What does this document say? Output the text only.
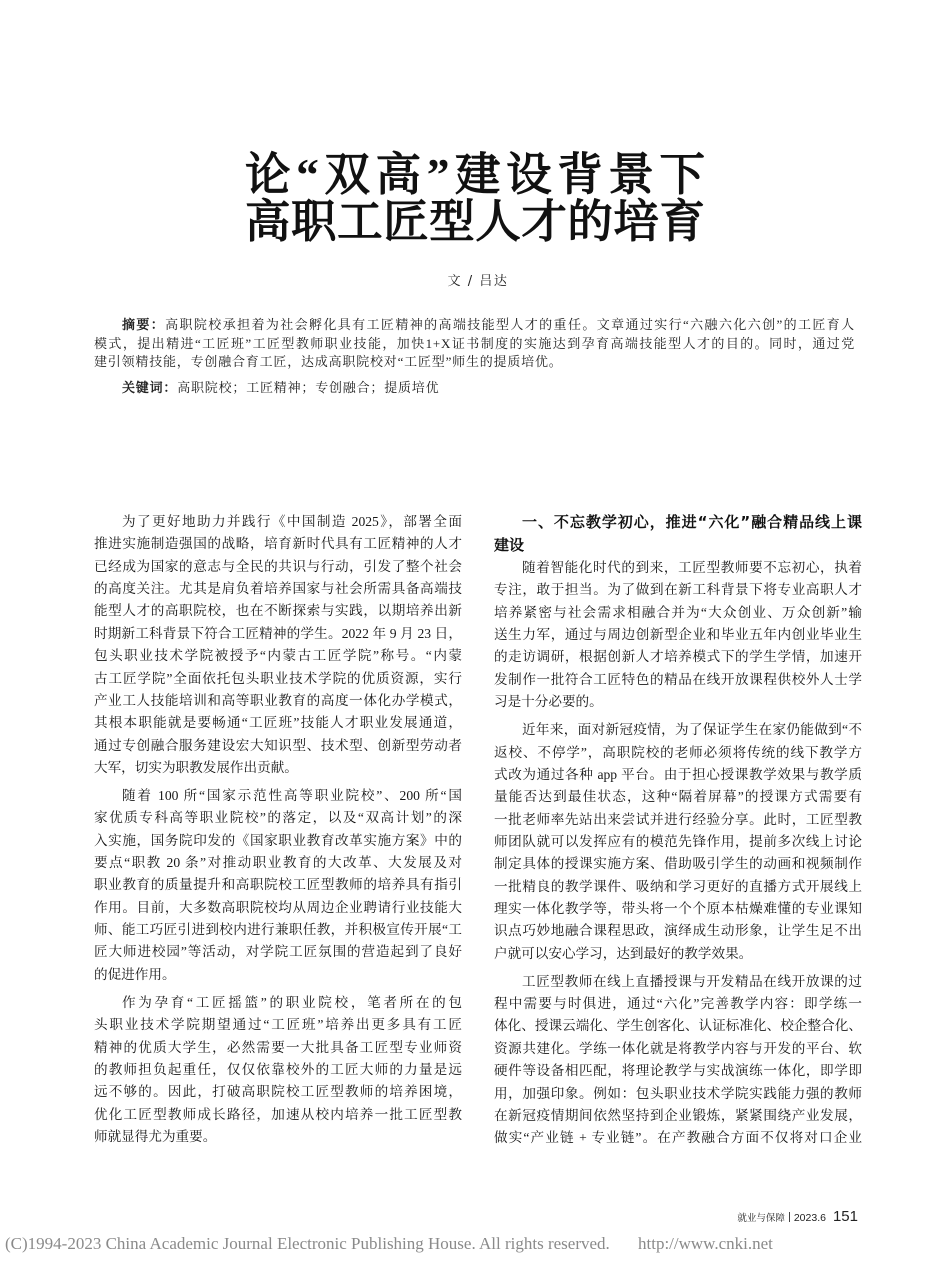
论“双高”建设背景下
高职工匠型人才的培育
文 / 吕达
摘要：高职院校承担着为社会孵化具有工匠精神的高端技能型人才的重任。文章通过实行“六融六化六创”的工匠育人
模式，提出精进“工匠班”工匠型教师职业技能，加快1+X证书制度的实施达到孕育高端技能型人才的目的。同时，通过党
建引领精技能，专创融合育工匠，达成高职院校对“工匠型”师生的提质培优。
关键词：高职院校；工匠精神；专创融合；提质培优
为了更好地助力并践行《中国制造 2025》，部署全面
推进实施制造强国的战略，培育新时代具有工匠精神的人才
已经成为国家的意志与全民的共识与行动，引发了整个社会
的高度关注。尤其是肩负着培养国家与社会所需具备高端技
能型人才的高职院校，也在不断探索与实践，以期培养出新
时期新工科背景下符合工匠精神的学生。2022 年 9 月 23 日，
包头职业技术学院被授予“内蒙古工匠学院”称号。“内蒙
古工匠学院”全面依托包头职业技术学院的优质资源，实行
产业工人技能培训和高等职业教育的高度一体化办学模式，
其根本职能就是要畅通“工匠班”技能人才职业发展通道，
通过专创融合服务建设宏大知识型、技术型、创新型劳动者
大军，切实为职教发展作出贡献。
随着 100 所“国家示范性高等职业院校”、200 所“国
家优质专科高等职业院校”的落定，以及“双高计划”的深
入实施，国务院印发的《国家职业教育改革实施方案》中的
要点“职教 20 条”对推动职业教育的大改革、大发展及对
职业教育的质量提升和高职院校工匠型教师的培养具有指引
作用。目前，大多数高职院校均从周边企业聘请行业技能大
师、能工巧匠引进到校内进行兼职任教，并积极宣传开展“工
匠大师进校园”等活动，对学院工匠氛围的营造起到了良好
的促进作用。
作为孕育“工匠摇篮”的职业院校，笔者所在的包
头职业技术学院期望通过“工匠班”培养出更多具有工匠
精神的优质大学生，必然需要一大批具备工匠型专业师资
的教师担负起重任，仅仅依靠校外的工匠大师的力量是远
远不够的。因此，打破高职院校工匠型教师的培养困境，
优化工匠型教师成长路径，加速从校内培养一批工匠型教
师就显得尤为重要。
一、不忘教学初心，推进“六化”融合精品线上课
建设
随着智能化时代的到来，工匠型教师要不忘初心，执着
专注，敢于担当。为了做到在新工科背景下将专业高职人才
培养紧密与社会需求相融合并为“大众创业、万众创新”输
送生力军，通过与周边创新型企业和毕业五年内创业毕业生
的走访调研，根据创新人才培养模式下的学生学情，加速开
发制作一批符合工匠特色的精品在线开放课程供校外人士学
习是十分必要的。
近年来，面对新冠疫情，为了保证学生在家仍能做到“不
返校、不停学”，高职院校的老师必须将传统的线下教学方
式改为通过各种 app 平台。由于担心授课教学效果与教学质
量能否达到最佳状态，这种“隔着屏幕”的授课方式需要有
一批老师率先站出来尝试并进行经验分享。此时，工匠型教
师团队就可以发挥应有的模范先锋作用，提前多次线上讨论
制定具体的授课实施方案、借助吸引学生的动画和视频制作
一批精良的教学课件、吸纳和学习更好的直播方式开展线上
理实一体化教学等，带头将一个个原本枯燥难懂的专业课知
识点巧妙地融合课程思政，演绎成生动形象，让学生足不出
户就可以安心学习，达到最好的教学效果。
工匠型教师在线上直播授课与开发精品在线开放课的过
程中需要与时俱进，通过“六化”完善教学内容：即学练一
体化、授课云端化、学生创客化、认证标准化、校企整合化、
资源共建化。学练一体化就是将教学内容与开发的平台、软
硬件等设备相匹配，将理论教学与实战演练一体化，即学即
用，加强印象。例如：包头职业技术学院实践能力强的教师
在新冠疫情期间依然坚持到企业锻炼，紧紧围绕产业发展，
做实“产业链 + 专业链”。在产教融合方面不仅将对口企业
就业与保障 2023.6 151
(C)1994-2023 China Academic Journal Electronic Publishing House. All rights reserved. http://www.cnki.net
